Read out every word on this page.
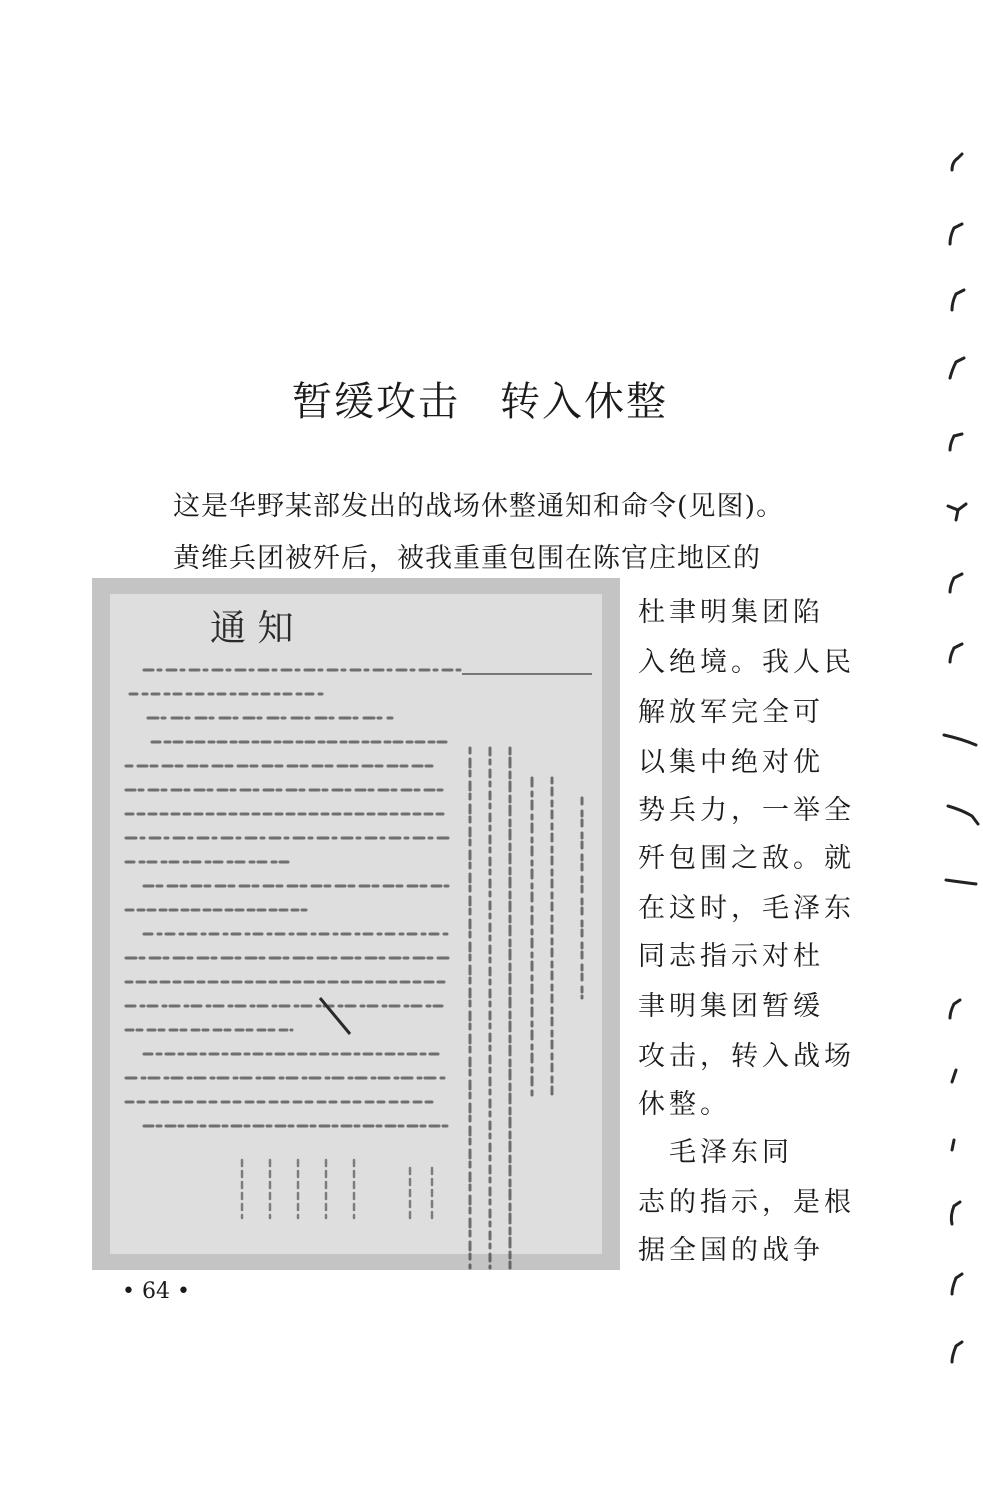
暂缓攻击 转入休整
这是华野某部发出的战场休整通知和命令(见图)。
黄维兵团被歼后，被我重重包围在陈官庄地区的
通 知	杜聿明集团陷
入绝境。我人民
解放军完全可
以集中绝对优
势兵力，一举全
歼包围之敌。就
在这时，毛泽东
同志指示对杜
聿明集团暂缓
攻击，转入战场
休整。
　毛泽东同
志的指示，是根
据全国的战争
• 64 •
